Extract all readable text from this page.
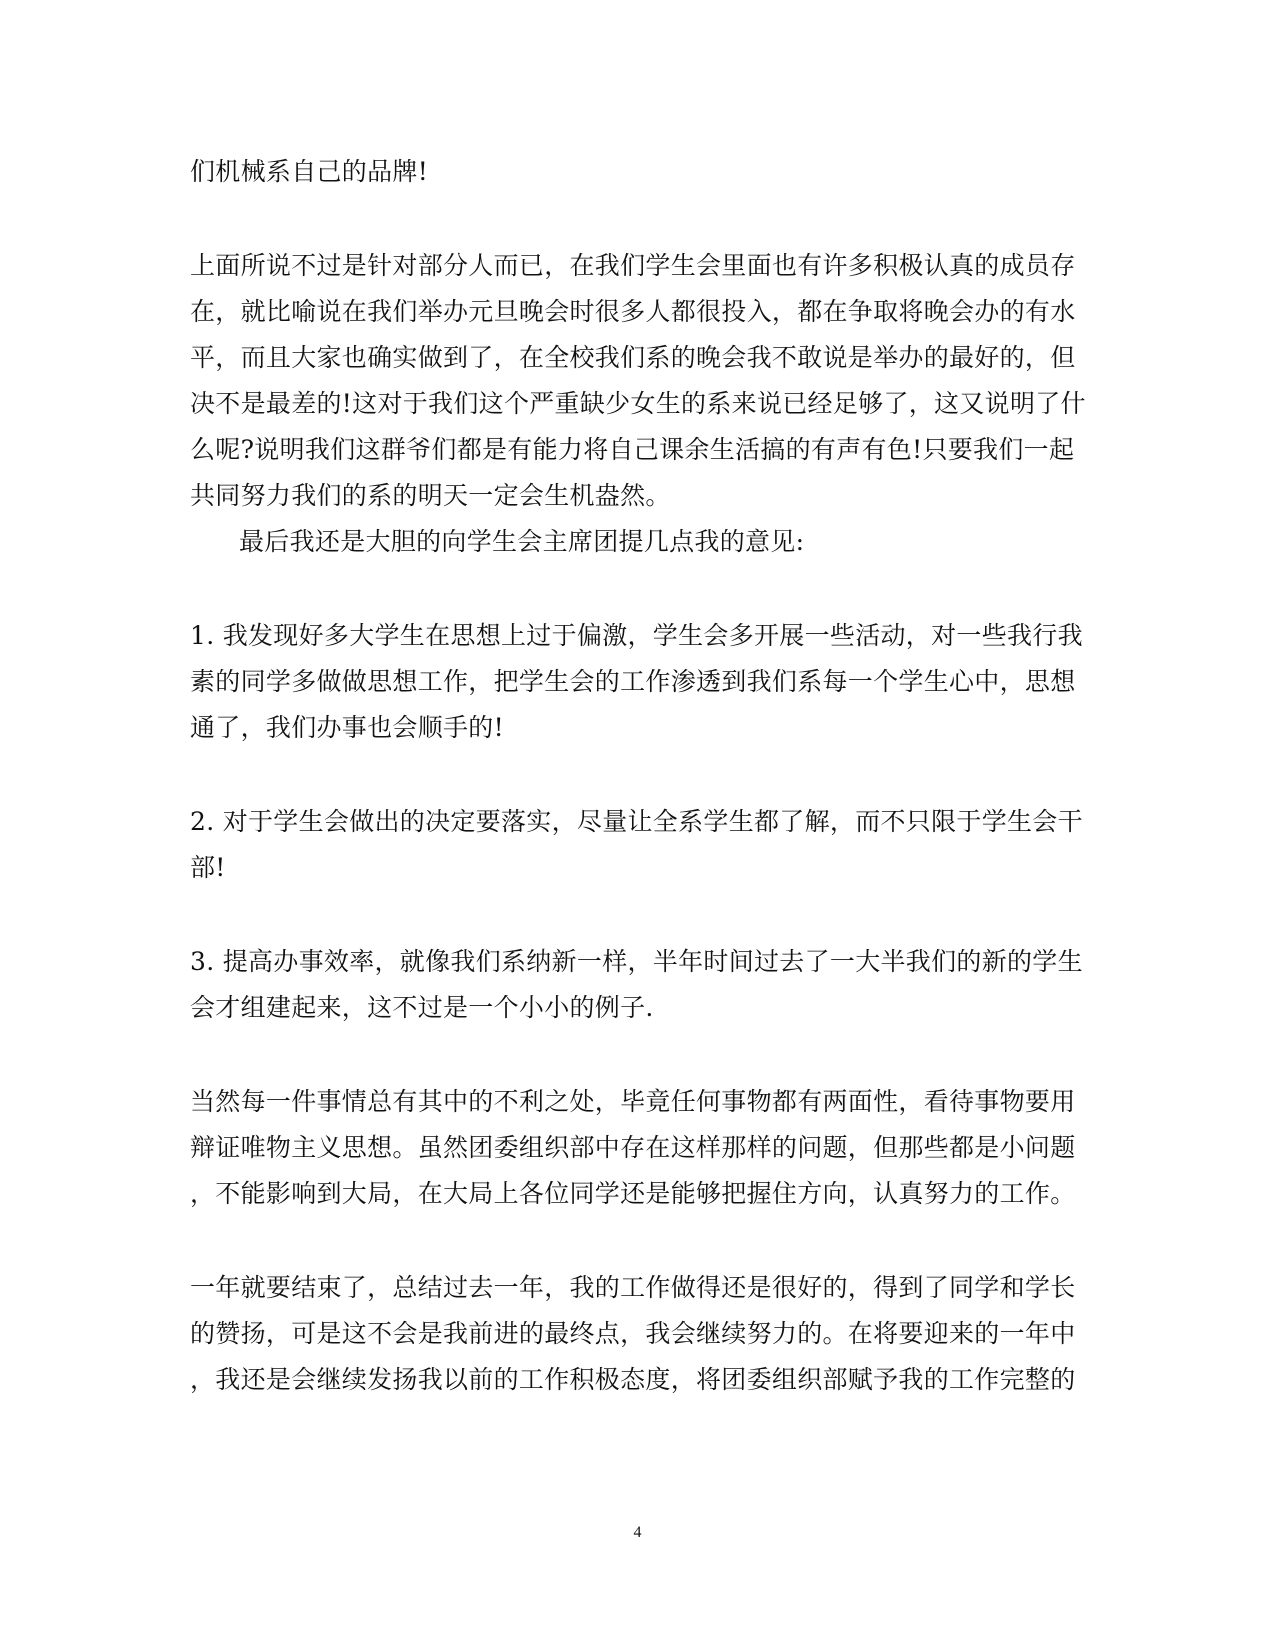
们机械系自己的品牌!
上面所说不过是针对部分人而已，在我们学生会里面也有许多积极认真的成员存
在，就比喻说在我们举办元旦晚会时很多人都很投入，都在争取将晚会办的有水
平，而且大家也确实做到了，在全校我们系的晚会我不敢说是举办的最好的，但
决不是最差的!这对于我们这个严重缺少女生的系来说已经足够了，这又说明了什
么呢?说明我们这群爷们都是有能力将自己课余生活搞的有声有色!只要我们一起
共同努力我们的系的明天一定会生机盎然。
最后我还是大胆的向学生会主席团提几点我的意见:
1. 我发现好多大学生在思想上过于偏激，学生会多开展一些活动，对一些我行我
素的同学多做做思想工作，把学生会的工作渗透到我们系每一个学生心中，思想
通了，我们办事也会顺手的!
2. 对于学生会做出的决定要落实，尽量让全系学生都了解，而不只限于学生会干
部!
3. 提高办事效率，就像我们系纳新一样，半年时间过去了一大半我们的新的学生
会才组建起来，这不过是一个小小的例子.
当然每一件事情总有其中的不利之处，毕竟任何事物都有两面性，看待事物要用
辩证唯物主义思想。虽然团委组织部中存在这样那样的问题，但那些都是小问题
，不能影响到大局，在大局上各位同学还是能够把握住方向，认真努力的工作。
一年就要结束了，总结过去一年，我的工作做得还是很好的，得到了同学和学长
的赞扬，可是这不会是我前进的最终点，我会继续努力的。在将要迎来的一年中
，我还是会继续发扬我以前的工作积极态度，将团委组织部赋予我的工作完整的
4
